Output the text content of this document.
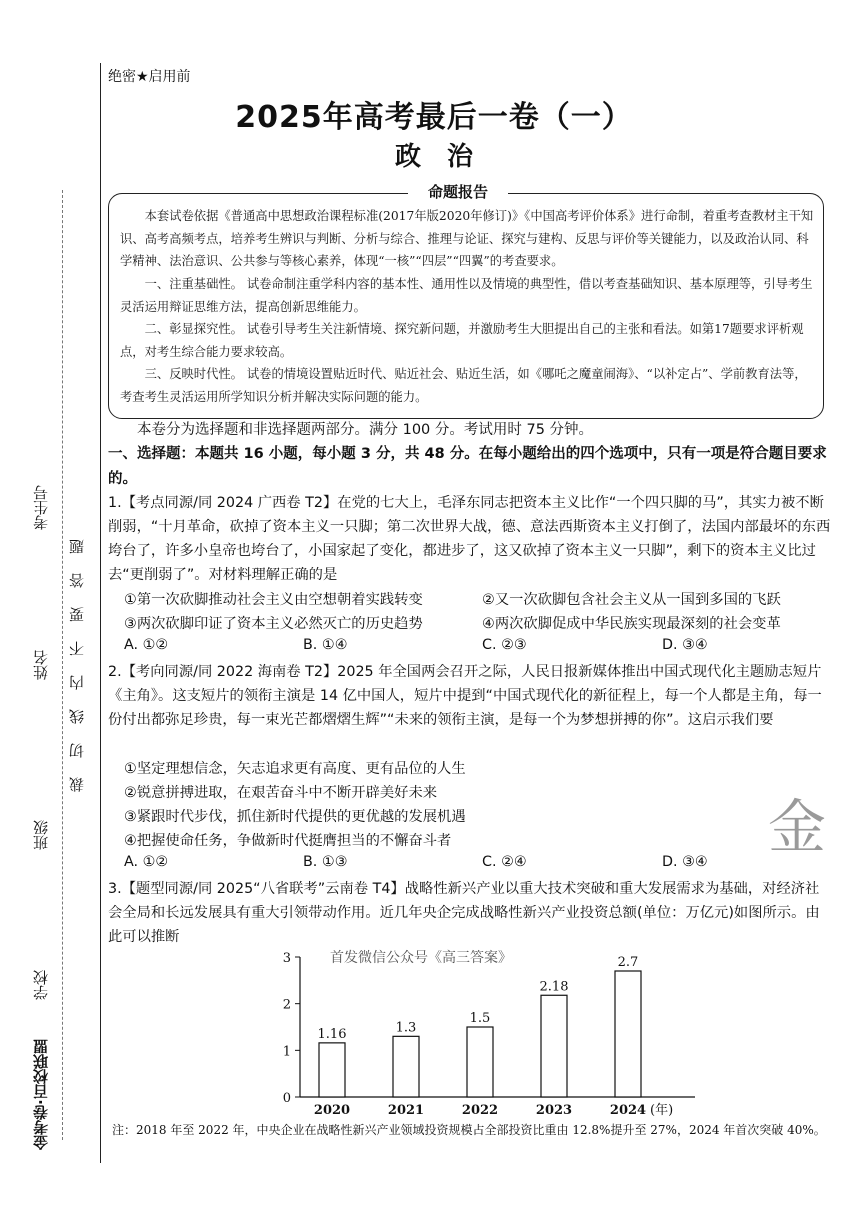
裁　切　线　内　不　要　答　题
考生号
姓名
班级
学校
金考卷·百校联盟
绝密★启用前
2025年高考最后一卷（一）
政　治
命题报告
本套试卷依据《普通高中思想政治课程标准(2017年版2020年修订)》《中国高考评价体系》进行命制，着重考查教材主干知识、高考高频考点，培养考生辨识与判断、分析与综合、推理与论证、探究与建构、反思与评价等关键能力，以及政治认同、科学精神、法治意识、公共参与等核心素养，体现“一核”“四层”“四翼”的考查要求。
一、注重基础性。 试卷命制注重学科内容的基本性、通用性以及情境的典型性，借以考查基础知识、基本原理等，引导考生灵活运用辩证思维方法，提高创新思维能力。
二、彰显探究性。 试卷引导考生关注新情境、探究新问题，并激励考生大胆提出自己的主张和看法。如第17题要求评析观点，对考生综合能力要求较高。
三、反映时代性。 试卷的情境设置贴近时代、贴近社会、贴近生活，如《哪吒之魔童闹海》、“以补定占”、学前教育法等，考查考生灵活运用所学知识分析并解决实际问题的能力。
本卷分为选择题和非选择题两部分。满分 100 分。考试用时 75 分钟。
一、选择题：本题共 16 小题，每小题 3 分，共 48 分。在每小题给出的四个选项中，只有一项是符合题目要求的。
1.【考点同源/同 2024 广西卷 T2】在党的七大上，毛泽东同志把资本主义比作“一个四只脚的马”，其实力被不断削弱，“十月革命，砍掉了资本主义一只脚；第二次世界大战，德、意法西斯资本主义打倒了，法国内部最坏的东西垮台了，许多小皇帝也垮台了，小国家起了变化，都进步了，这又砍掉了资本主义一只脚”，剩下的资本主义比过去“更削弱了”。对材料理解正确的是
①第一次砍脚推动社会主义由空想朝着实践转变	②又一次砍脚包含社会主义从一国到多国的飞跃
③两次砍脚印证了资本主义必然灭亡的历史趋势	④两次砍脚促成中华民族实现最深刻的社会变革
A. ①②	B. ①④	C. ②③	D. ③④
2.【考向同源/同 2022 海南卷 T2】2025 年全国两会召开之际，人民日报新媒体推出中国式现代化主题励志短片《主角》。这支短片的领衔主演是 14 亿中国人，短片中提到“中国式现代化的新征程上，每一个人都是主角，每一份付出都弥足珍贵，每一束光芒都熠熠生辉”“未来的领衔主演，是每一个为梦想拼搏的你”。这启示我们要
①坚定理想信念，矢志追求更有高度、更有品位的人生
②锐意拼搏进取，在艰苦奋斗中不断开辟美好未来
③紧跟时代步伐，抓住新时代提供的更优越的发展机遇
④把握使命任务，争做新时代挺膺担当的不懈奋斗者
A. ①②	B. ①③	C. ②④	D. ③④
金
3.【题型同源/同 2025“八省联考”云南卷 T4】战略性新兴产业以重大技术突破和重大发展需求为基础，对经济社会全局和长远发展具有重大引领带动作用。近几年央企完成战略性新兴产业投资总额(单位：万亿元)如图所示。由此可以推断
0
1
2
3
1.16
2020
1.3
2021
1.5
2022
2.18
2023
2.7
2024 (年)
首发微信公众号《高三答案》
注：2018 年至 2022 年，中央企业在战略性新兴产业领域投资规模占全部投资比重由 12.8%提升至 27%，2024 年首次突破 40%。
